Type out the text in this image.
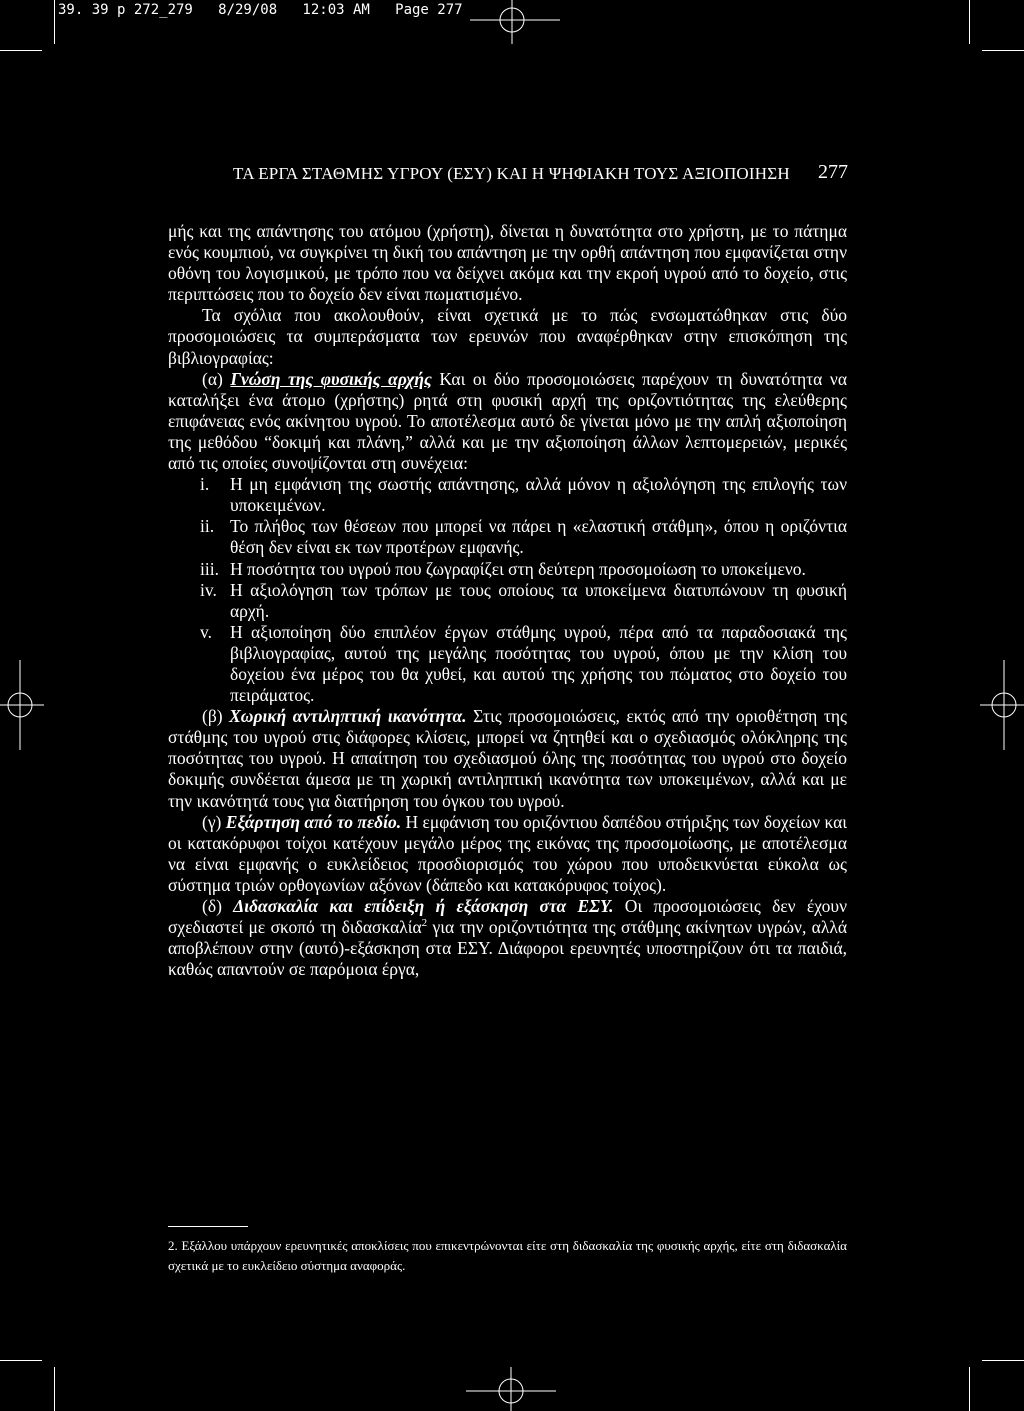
39. 39 p 272_279   8/29/08   12:03 AM   Page 277
ΤΑ ΕΡΓΑ ΣΤΑΘΜΗΣ ΥΓΡΟΥ (ΕΣΥ) ΚΑΙ Η ΨΗΦΙΑΚΗ ΤΟΥΣ ΑΞΙΟΠΟΙΗΣΗ 277

μής και της απάντησης του ατόμου (χρήστη), δίνεται η δυνατότητα στο χρήστη, με το πάτημα ενός κουμπιού, να συγκρίνει τη δική του απάντηση με την ορθή απάντηση που εμφανίζεται στην οθόνη του λογισμικού, με τρόπο που να δείχνει ακόμα και την εκροή υγρού από το δοχείο, στις περιπτώσεις που το δοχείο δεν είναι πωματισμένο.

Τα σχόλια που ακολουθούν, είναι σχετικά με το πώς ενσωματώθηκαν στις δύο προσομοιώσεις τα συμπεράσματα των ερευνών που αναφέρθηκαν στην επισκόπηση της βιβλιογραφίας:

(α) Γνώση της φυσικής αρχής Και οι δύο προσομοιώσεις παρέχουν τη δυνατότητα να καταλήξει ένα άτομο (χρήστης) ρητά στη φυσική αρχή της οριζοντιότητας της ελεύθερης επιφάνειας ενός ακίνητου υγρού. Το αποτέλεσμα αυτό δε γίνεται μόνο με την απλή αξιοποίηση της μεθόδου “δοκιμή και πλάνη,” αλλά και με την αξιοποίηση άλλων λεπτομερειών, μερικές από τις οποίες συνοψίζονται στη συνέχεια:

i.	Η μη εμφάνιση της σωστής απάντησης, αλλά μόνον η αξιολόγηση της επιλογής των υποκειμένων.
ii. Το πλήθος των θέσεων που μπορεί να πάρει η «ελαστική στάθμη», όπου η οριζόντια θέση δεν είναι εκ των προτέρων εμφανής.
iii. Η ποσότητα του υγρού που ζωγραφίζει στη δεύτερη προσομοίωση το υποκείμενο.
iv. Η αξιολόγηση των τρόπων με τους οποίους τα υποκείμενα διατυπώνουν τη φυσική αρχή.
v.	Η αξιοποίηση δύο επιπλέον έργων στάθμης υγρού, πέρα από τα παραδοσιακά της βιβλιογραφίας, αυτού της μεγάλης ποσότητας του υγρού, όπου με την κλίση του δοχείου ένα μέρος του θα χυθεί, και αυτού της χρήσης του πώματος στο δοχείο του πειράματος.

(β) Χωρική αντιληπτική ικανότητα. Στις προσομοιώσεις, εκτός από την οριοθέτηση της στάθμης του υγρού στις διάφορες κλίσεις, μπορεί να ζητηθεί και ο σχεδιασμός ολόκληρης της ποσότητας του υγρού. Η απαίτηση του σχεδιασμού όλης της ποσότητας του υγρού στο δοχείο δοκιμής συνδέεται άμεσα με τη χωρική αντιληπτική ικανότητα των υποκειμένων, αλλά και με την ικανότητά τους για διατήρηση του όγκου του υγρού.

(γ) Εξάρτηση από το πεδίο. Η εμφάνιση του οριζόντιου δαπέδου στήριξης των δοχείων και οι κατακόρυφοι τοίχοι κατέχουν μεγάλο μέρος της εικόνας της προσομοίωσης, με αποτέλεσμα να είναι εμφανής ο ευκλείδειος προσδιορισμός του χώρου που υποδεικνύεται εύκολα ως σύστημα τριών ορθογωνίων αξόνων (δάπεδο και κατακόρυφος τοίχος).

(δ) Διδασκαλία και επίδειξη ή εξάσκηση στα ΕΣΥ. Οι προσομοιώσεις δεν έχουν σχεδιαστεί με σκοπό τη διδασκαλία$^2$ για την οριζοντιότητα της στάθμης ακίνητων υγρών, αλλά αποβλέπουν στην (αυτό)-εξάσκηση στα ΕΣΥ. Διάφοροι ερευνητές υποστηρίζουν ότι τα παιδιά, καθώς απαντούν σε παρόμοια έργα,

2. Εξάλλου υπάρχουν ερευνητικές αποκλίσεις που επικεντρώνονται είτε στη διδασκαλία της φυσικής αρχής, είτε στη διδασκαλία σχετικά με το ευκλείδειο σύστημα αναφοράς.
